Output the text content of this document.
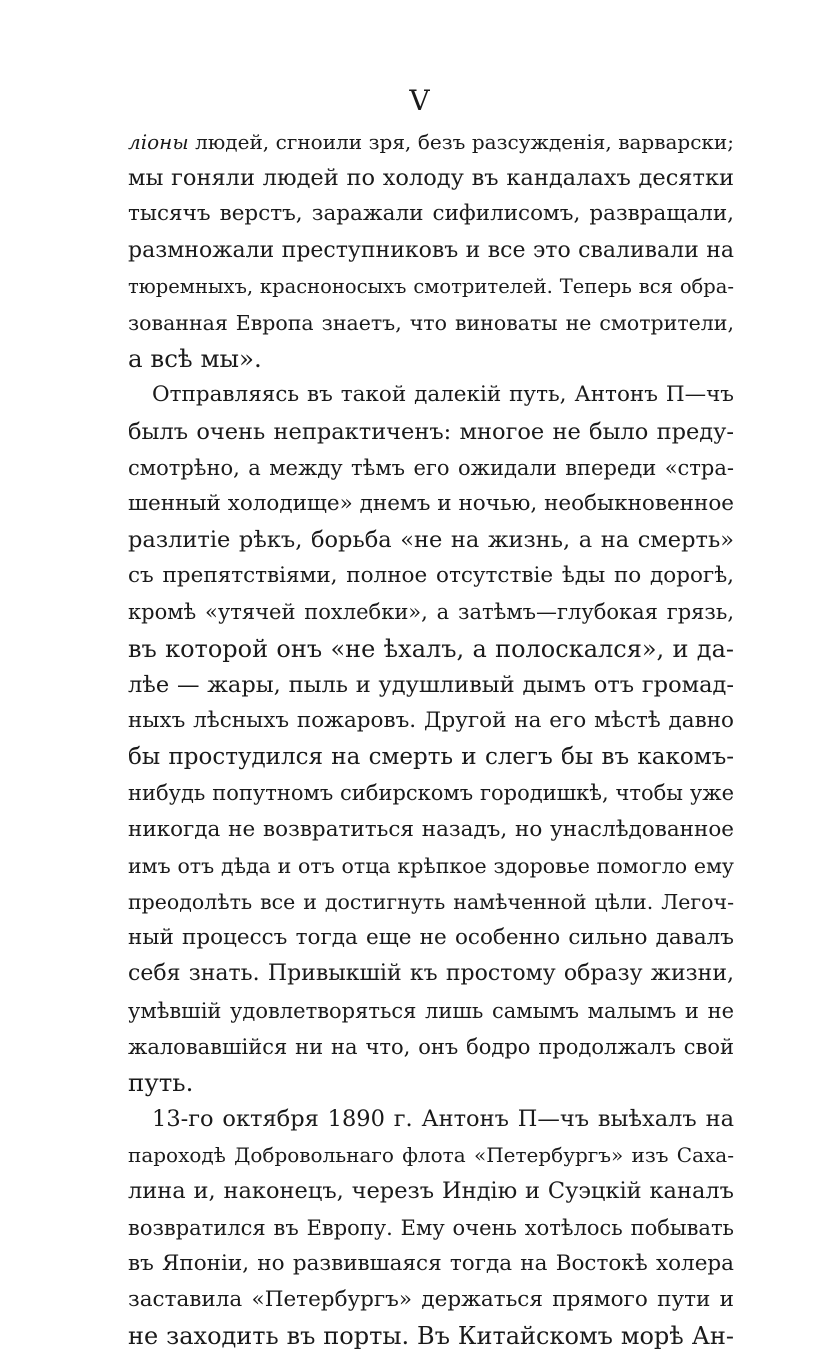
V
ліоны людей, сгноили зря, безъ разсужденія, варварски;
мы гоняли людей по холоду въ кандалахъ десятки
тысячъ верстъ, заражали сифилисомъ, развращали,
размножали преступниковъ и все это сваливали на
тюремныхъ, красноносыхъ смотрителей. Теперь вся обра-
зованная Европа знаетъ, что виноваты не смотрители,
а всѣ мы».
Отправляясь въ такой далекій путь, Антонъ П—чъ
былъ очень непрактиченъ: многое не было преду-
смотрѣно, а между тѣмъ его ожидали впереди «стра-
шенный холодище» днемъ и ночью, необыкновенное
разлитіе рѣкъ, борьба «не на жизнь, а на смерть»
съ препятствіями, полное отсутствіе ѣды по дорогѣ,
кромѣ «утячей похлебки», а затѣмъ—глубокая грязь,
въ которой онъ «не ѣхалъ, а полоскался», и да-
лѣе — жары, пыль и удушливый дымъ отъ громад-
ныхъ лѣсныхъ пожаровъ. Другой на его мѣстѣ давно
бы простудился на смерть и слегъ бы въ какомъ-
нибудь попутномъ сибирскомъ городишкѣ, чтобы уже
никогда не возвратиться назадъ, но унаслѣдованное
имъ отъ дѣда и отъ отца крѣпкое здоровье помогло ему
преодолѣть все и достигнуть намѣченной цѣли. Легоч-
ный процессъ тогда еще не особенно сильно давалъ
себя знать. Привыкшій къ простому образу жизни,
умѣвшій удовлетворяться лишь самымъ малымъ и не
жаловавшійся ни на что, онъ бодро продолжалъ свой
путь.
13-го октября 1890 г. Антонъ П—чъ выѣхалъ на
пароходѣ Добровольнаго флота «Петербургъ» изъ Саха-
лина и, наконецъ, черезъ Индію и Суэцкій каналъ
возвратился въ Европу. Ему очень хотѣлось побывать
въ Японіи, но развившаяся тогда на Востокѣ холера
заставила «Петербургъ» держаться прямого пути и
не заходить въ порты. Въ Китайскомъ морѣ Ан-
